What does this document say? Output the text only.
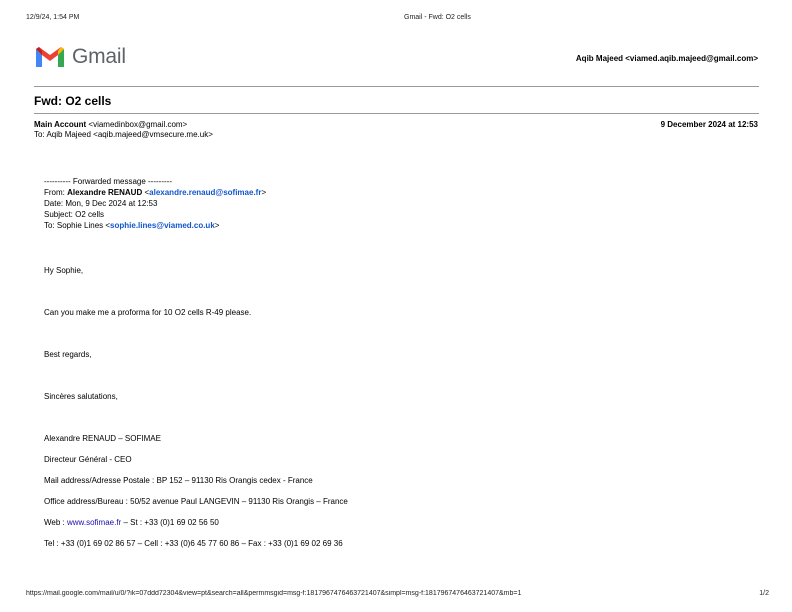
12/9/24, 1:54 PM	Gmail - Fwd: O2 cells
Gmail	Aqib Majeed <viamed.aqib.majeed@gmail.com>
Fwd: O2 cells
Main Account <viamedinbox@gmail.com>	9 December 2024 at 12:53
To: Aqib Majeed <aqib.majeed@vmsecure.me.uk>
---------- Forwarded message ---------
From: Alexandre RENAUD <alexandre.renaud@sofimae.fr>
Date: Mon, 9 Dec 2024 at 12:53
Subject: O2 cells
To: Sophie Lines <sophie.lines@viamed.co.uk>
Hy Sophie,
Can you make me a proforma for 10 O2 cells R-49 please.
Best regards,
Sincères salutations,
Alexandre RENAUD – SOFIMAE
Directeur Général - CEO
Mail address/Adresse Postale : BP 152 – 91130 Ris Orangis cedex - France
Office address/Bureau : 50/52 avenue Paul LANGEVIN – 91130 Ris Orangis – France
Web : www.sofimae.fr – St : +33 (0)1 69 02 56 50
Tel : +33 (0)1 69 02 86 57 – Cell : +33 (0)6 45 77 60 86 – Fax : +33 (0)1 69 02 69 36
https://mail.google.com/mail/u/0/?ik=07ddd72304&view=pt&search=all&permmsgid=msg-f:1817967476463721407&simpl=msg-f:1817967476463721407&mb=1	1/2
